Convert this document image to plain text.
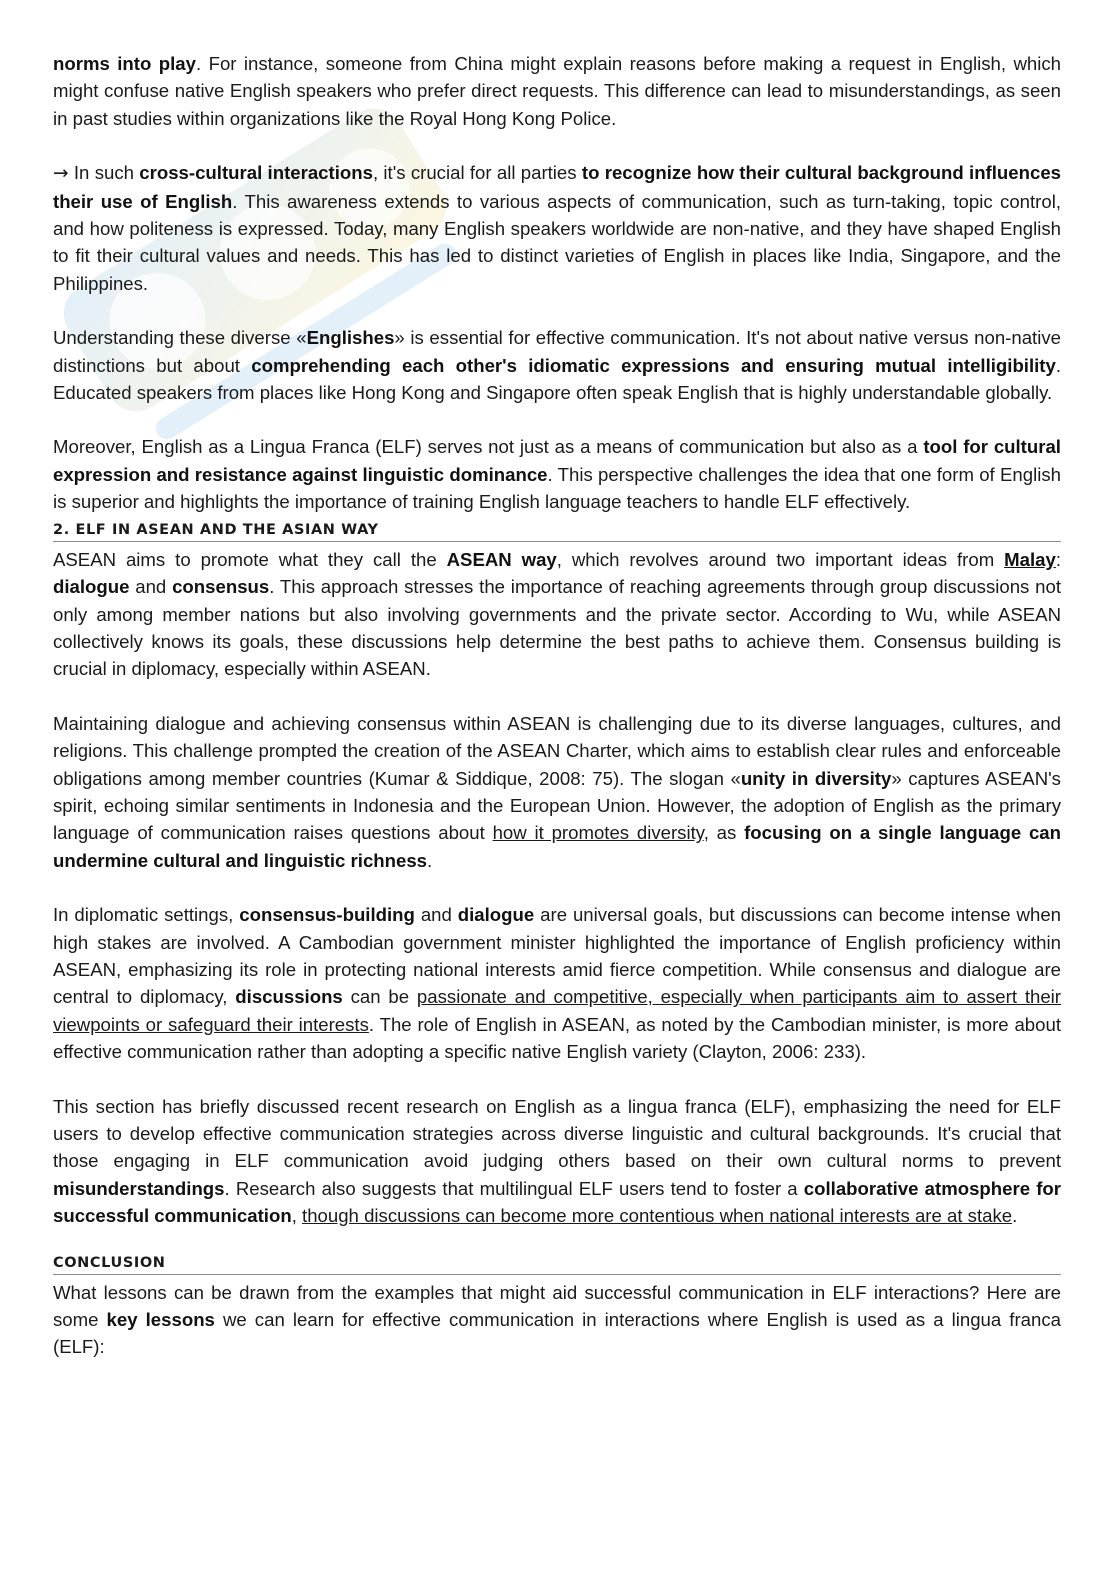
norms into play. For instance, someone from China might explain reasons before making a request in English, which might confuse native English speakers who prefer direct requests. This difference can lead to misunderstandings, as seen in past studies within organizations like the Royal Hong Kong Police.

→ In such cross-cultural interactions, it's crucial for all parties to recognize how their cultural background influences their use of English. This awareness extends to various aspects of communication, such as turn-taking, topic control, and how politeness is expressed. Today, many English speakers worldwide are non-native, and they have shaped English to fit their cultural values and needs. This has led to distinct varieties of English in places like India, Singapore, and the Philippines.

Understanding these diverse «Englishes» is essential for effective communication. It's not about native versus non-native distinctions but about comprehending each other's idiomatic expressions and ensuring mutual intelligibility. Educated speakers from places like Hong Kong and Singapore often speak English that is highly understandable globally.

Moreover, English as a Lingua Franca (ELF) serves not just as a means of communication but also as a tool for cultural expression and resistance against linguistic dominance. This perspective challenges the idea that one form of English is superior and highlights the importance of training English language teachers to handle ELF effectively.

2. ELF IN ASEAN AND THE ASIAN WAY

ASEAN aims to promote what they call the ASEAN way, which revolves around two important ideas from Malay: dialogue and consensus. This approach stresses the importance of reaching agreements through group discussions not only among member nations but also involving governments and the private sector. According to Wu, while ASEAN collectively knows its goals, these discussions help determine the best paths to achieve them. Consensus building is crucial in diplomacy, especially within ASEAN.

Maintaining dialogue and achieving consensus within ASEAN is challenging due to its diverse languages, cultures, and religions. This challenge prompted the creation of the ASEAN Charter, which aims to establish clear rules and enforceable obligations among member countries (Kumar & Siddique, 2008: 75). The slogan «unity in diversity» captures ASEAN's spirit, echoing similar sentiments in Indonesia and the European Union. However, the adoption of English as the primary language of communication raises questions about how it promotes diversity, as focusing on a single language can undermine cultural and linguistic richness.

In diplomatic settings, consensus-building and dialogue are universal goals, but discussions can become intense when high stakes are involved. A Cambodian government minister highlighted the importance of English proficiency within ASEAN, emphasizing its role in protecting national interests amid fierce competition. While consensus and dialogue are central to diplomacy, discussions can be passionate and competitive, especially when participants aim to assert their viewpoints or safeguard their interests. The role of English in ASEAN, as noted by the Cambodian minister, is more about effective communication rather than adopting a specific native English variety (Clayton, 2006: 233).

This section has briefly discussed recent research on English as a lingua franca (ELF), emphasizing the need for ELF users to develop effective communication strategies across diverse linguistic and cultural backgrounds. It's crucial that those engaging in ELF communication avoid judging others based on their own cultural norms to prevent misunderstandings. Research also suggests that multilingual ELF users tend to foster a collaborative atmosphere for successful communication, though discussions can become more contentious when national interests are at stake.

CONCLUSION

What lessons can be drawn from the examples that might aid successful communication in ELF interactions? Here are some key lessons we can learn for effective communication in interactions where English is used as a lingua franca (ELF):
